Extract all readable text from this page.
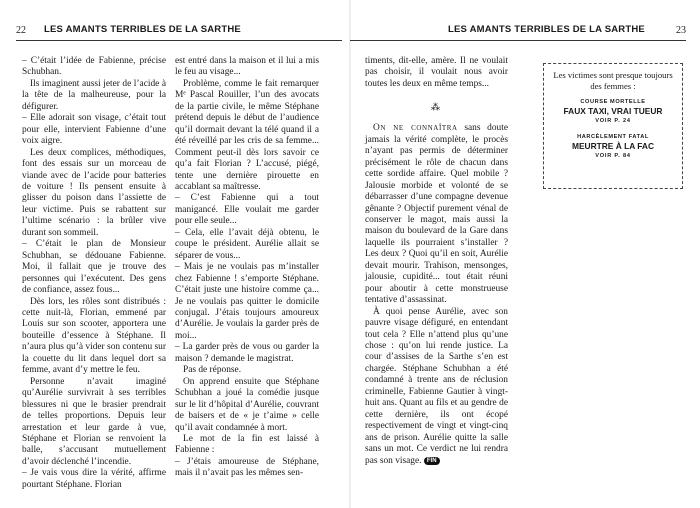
22 LES AMANTS TERRIBLES DE LA SARTHE

– C’était l’idée de Fabienne, précise Schubhan.

Ils imaginent aussi jeter de l’acide à la tête de la malheureuse, pour la défigurer.

– Elle adorait son visage, c’était tout pour elle, intervient Fabienne d’une voix aigre.

Les deux complices, méthodiques, font des essais sur un morceau de viande avec de l’acide pour batteries de voiture ! Ils pensent ensuite à glisser du poison dans l’assiette de leur victime. Puis se rabattent sur l’ultime scénario : la brûler vive durant son sommeil.

– C’était le plan de Monsieur Schubhan, se dédouane Fabienne. Moi, il fallait que je trouve des personnes qui l’exécutent. Des gens de confiance, assez fous...

Dès lors, les rôles sont distribués : cette nuit-là, Florian, emmené par Louis sur son scooter, apportera une bouteille d’essence à Stéphane. Il n’aura plus qu’à vider son contenu sur la couette du lit dans lequel dort sa femme, avant d’y mettre le feu.

Personne n’avait imaginé qu’Aurélie survivrait à ses terribles blessures ni que le brasier prendrait de telles proportions. Depuis leur arrestation et leur garde à vue, Stéphane et Florian se renvoient la balle, s’accusant mutuellement d’avoir déclenché l’incendie.

– Je vais vous dire la vérité, affirme pourtant Stéphane. Florian

est entré dans la maison et il lui a mis le feu au visage...

Problème, comme le fait remarquer Mᵉ Pascal Rouiller, l’un des avocats de la partie civile, le même Stéphane prétend depuis le début de l’audience qu’il dormait devant la télé quand il a été réveillé par les cris de sa femme... Comment peut-il dès lors savoir ce qu’a fait Florian ? L’accusé, piégé, tente une dernière pirouette en accablant sa maîtresse.

– C’est Fabienne qui a tout manigancé. Elle voulait me garder pour elle seule...

– Cela, elle l’avait déjà obtenu, le coupe le président. Aurélie allait se séparer de vous...

– Mais je ne voulais pas m’installer chez Fabienne ! s’emporte Stéphane. C’était juste une histoire comme ça... Je ne voulais pas quitter le domicile conjugal. J’étais toujours amoureux d’Aurélie. Je voulais la garder près de moi...

– La garder près de vous ou garder la maison ? demande le magistrat.

Pas de réponse.

On apprend ensuite que Stéphane Schubhan a joué la comédie jusque sur le lit d’hôpital d’Aurélie, couvrant de baisers et de « je t’aime » celle qu’il avait condamnée à mort.

Le mot de la fin est laissé à Fabienne :

– J’étais amoureuse de Stéphane, mais il n’avait pas les mêmes sen-

LES AMANTS TERRIBLES DE LA SARTHE	23

timents, dit-elle, amère. Il ne voulait pas choisir, il voulait nous avoir toutes les deux en même temps...

⁂

On ne connaîtra sans doute jamais la vérité complète, le procès n’ayant pas permis de déterminer précisément le rôle de chacun dans cette sordide affaire. Quel mobile ? Jalousie morbide et volonté de se débarrasser d’une compagne devenue gênante ? Objectif purement vénal de conserver le magot, mais aussi la maison du boulevard de la Gare dans laquelle ils pourraient s’installer ? Les deux ? Quoi qu’il en soit, Aurélie devait mourir. Trahison, mensonges, jalousie, cupidité... tout était réuni pour aboutir à cette monstrueuse tentative d’assassinat.

À quoi pense Aurélie, avec son pauvre visage défiguré, en entendant tout cela ? Elle n’attend plus qu’une chose : qu’on lui rende justice. La cour d’assises de la Sarthe s’en est chargée. Stéphane Schubhan a été condamné à trente ans de réclusion criminelle, Fabienne Gautier à vingt-huit ans. Quant au fils et au gendre de cette dernière, ils ont écopé respectivement de vingt et vingt-cinq ans de prison. Aurélie quitte la salle sans un mot. Ce verdict ne lui rendra pas son visage. FIN

Les victimes sont presque toujours des femmes :
COURSE MORTELLE
FAUX TAXI, VRAI TUEUR
VOIR P. 24
HARCÈLEMENT FATAL
MEURTRE À LA FAC
VOIR P. 84
